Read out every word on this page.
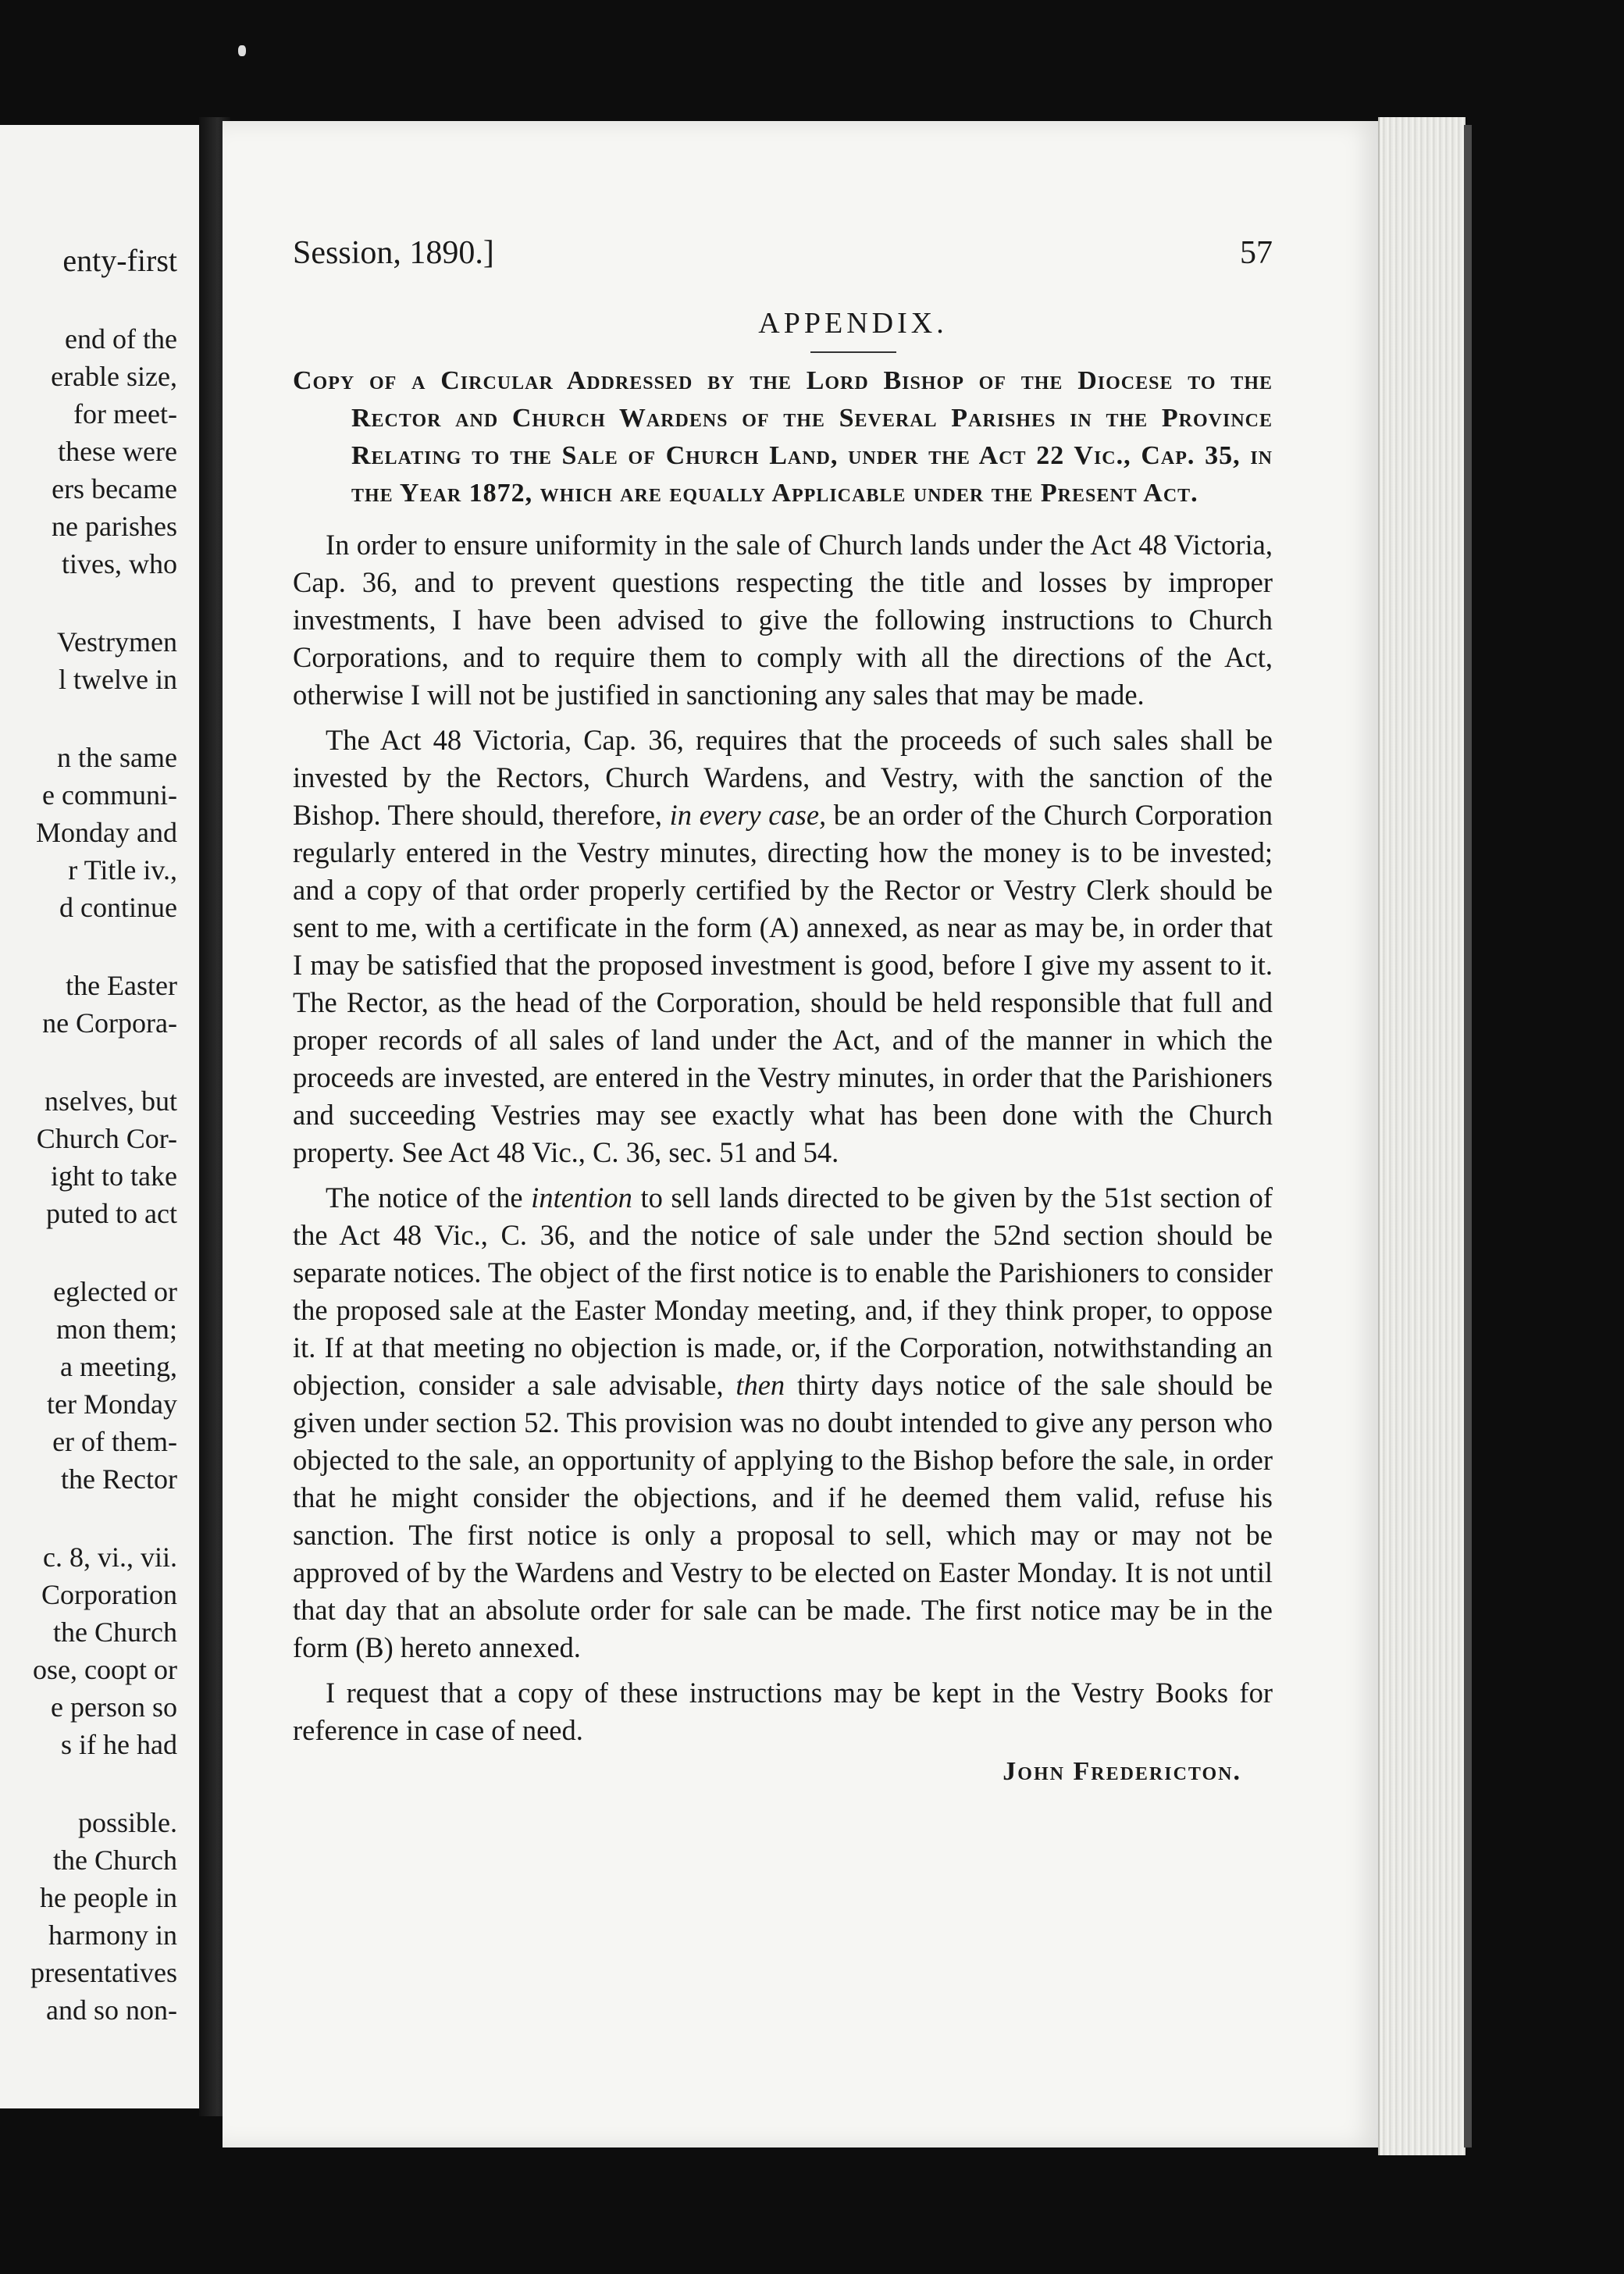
enty-first
end of the
erable size,
for meet-
these were
ers became
ne parishes
tives, who
Vestrymen
l twelve in
n the same
e communi-
Monday and
r Title iv.,
d continue
the Easter
ne Corpora-
nselves, but
Church Cor-
ight to take
puted to act
eglected or
mon them;
a meeting,
ter Monday
er of them-
the Rector
c. 8, vi., vii.
Corporation
the Church
ose, coopt or
e person so
s if he had
possible.
the Church
he people in
harmony in
presentatives
and so non-
Session, 1890.]	57
APPENDIX.
Copy of a Circular Addressed by the Lord Bishop of the Diocese to the Rector and Church Wardens of the Several Parishes in the Province Relating to the Sale of Church Land, under the Act 22 Vic., Cap. 35, in the Year 1872, which are equally Applicable under the Present Act.

In order to ensure uniformity in the sale of Church lands under the Act 48 Victoria, Cap. 36, and to prevent questions respecting the title and losses by improper investments, I have been advised to give the following instructions to Church Corporations, and to require them to comply with all the directions of the Act, otherwise I will not be justified in sanctioning any sales that may be made.

The Act 48 Victoria, Cap. 36, requires that the proceeds of such sales shall be invested by the Rectors, Church Wardens, and Vestry, with the sanction of the Bishop. There should, therefore, in every case, be an order of the Church Corporation regularly entered in the Vestry minutes, directing how the money is to be invested; and a copy of that order properly certified by the Rector or Vestry Clerk should be sent to me, with a certificate in the form (A) annexed, as near as may be, in order that I may be satisfied that the proposed investment is good, before I give my assent to it. The Rector, as the head of the Corporation, should be held responsible that full and proper records of all sales of land under the Act, and of the manner in which the proceeds are invested, are entered in the Vestry minutes, in order that the Parishioners and succeeding Vestries may see exactly what has been done with the Church property. See Act 48 Vic., C. 36, sec. 51 and 54.

The notice of the intention to sell lands directed to be given by the 51st section of the Act 48 Vic., C. 36, and the notice of sale under the 52nd section should be separate notices. The object of the first notice is to enable the Parishioners to consider the proposed sale at the Easter Monday meeting, and, if they think proper, to oppose it. If at that meeting no objection is made, or, if the Corporation, notwithstanding an objection, consider a sale advisable, then thirty days notice of the sale should be given under section 52. This provision was no doubt intended to give any person who objected to the sale, an opportunity of applying to the Bishop before the sale, in order that he might consider the objections, and if he deemed them valid, refuse his sanction. The first notice is only a proposal to sell, which may or may not be approved of by the Wardens and Vestry to be elected on Easter Monday. It is not until that day that an absolute order for sale can be made. The first notice may be in the form (B) hereto annexed.

I request that a copy of these instructions may be kept in the Vestry Books for reference in case of need.

John Fredericton.
